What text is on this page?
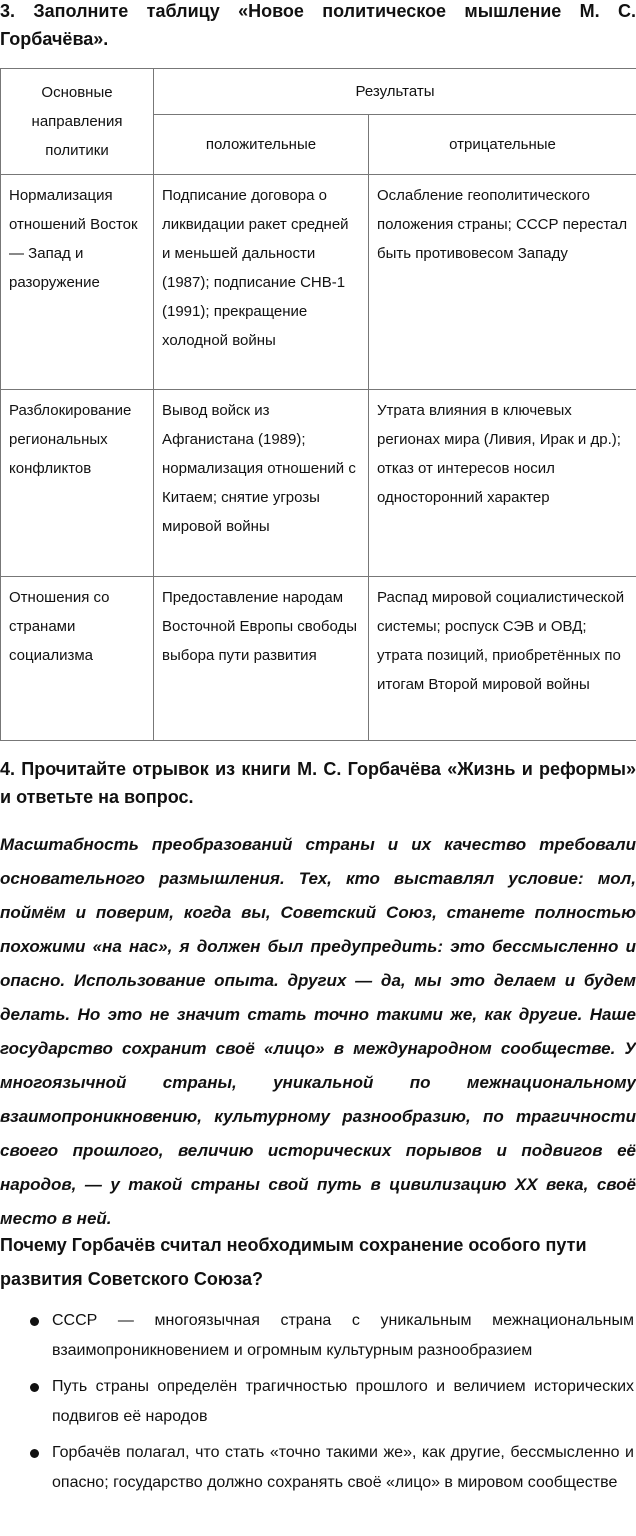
3. Заполните таблицу «Новое политическое мышление М. С. Горбачёва».
Основные направления политики	Результаты	
	положительные	отрицательные
Нормализация отношений Восток — Запад и разоружение	Подписание договора о ликвидации ракет средней и меньшей дальности (1987); подписание СНВ-1 (1991); прекращение холодной войны	Ослабление геополитического положения страны; СССР перестал быть противовесом Западу
Разблокирование региональных конфликтов	Вывод войск из Афганистана (1989); нормализация отношений с Китаем; снятие угрозы мировой войны	Утрата влияния в ключевых регионах мира (Ливия, Ирак и др.); отказ от интересов носил односторонний характер
Отношения со странами социализма	Предоставление народам Восточной Европы свободы выбора пути развития	Распад мировой социалистической системы; роспуск СЭВ и ОВД; утрата позиций, приобретённых по итогам Второй мировой войны
4. Прочитайте отрывок из книги М. С. Горбачёва «Жизнь и реформы» и ответьте на вопрос.
Масштабность преобразований страны и их качество требовали основательного размышления. Тех, кто выставлял условие: мол, поймём и поверим, когда вы, Советский Союз, станете полностью похожими «на нас», я должен был предупредить: это бессмысленно и опасно. Использование опыта. других — да, мы это делаем и будем делать. Но это не значит стать точно такими же, как другие. Наше государство сохранит своё «лицо» в международном сообществе. У многоязычной страны, уникальной по межнациональному взаимопроникновению, культурному разнообразию, по трагичности своего прошлого, величию исторических порывов и подвигов её народов, — у такой страны свой путь в цивилизацию XX века, своё место в ней.
Почему Горбачёв считал необходимым сохранение особого пути развития Советского Союза?
СССР — многоязычная страна с уникальным межнациональным взаимопроникновением и огромным культурным разнообразием
Путь страны определён трагичностью прошлого и величием исторических подвигов её народов
Горбачёв полагал, что стать «точно такими же», как другие, бессмысленно и опасно; государство должно сохранять своё «лицо» в мировом сообществе
